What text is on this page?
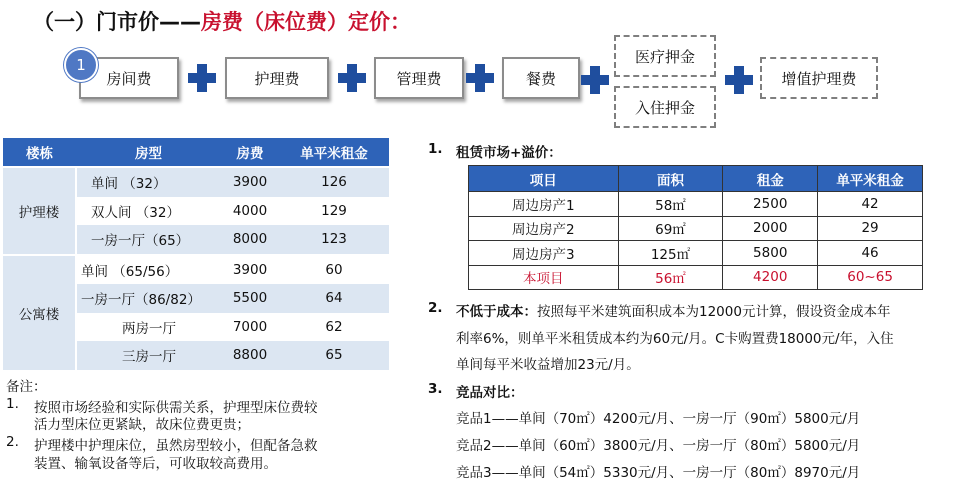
（一）门市价——房费（床位费）定价：
房间费
1
护理费	管理费	餐费
医疗押金
入住押金
增值护理费
楼栋	房型	房费	单平米租金
护理楼	单间 （32）	3900	126
	双人间 （32）	4000	129
	一房一厅（65）	8000	123
公寓楼	单间 （65/56）	3900	60
	一房一厅（86/82）	5500	64
	两房一厅	7000	62
	三房一厅	8800	65
备注：
1. 按照市场经验和实际供需关系，护理型床位费较
活力型床位更紧缺，故床位费更贵；
2. 护理楼中护理床位，虽然房型较小，但配备急救
装置、输氧设备等后，可收取较高费用。
1. 租赁市场+溢价：
项目	面积	租金	单平米租金
周边房产1	58㎡	2500	42
周边房产2	69㎡	2000	29
周边房产3	125㎡	5800	46
本项目	56㎡	4200	60~65
2. 不低于成本：按照每平米建筑面积成本为12000元计算，假设资金成本年
利率6%，则单平米租赁成本约为60元/月。C卡购置费18000元/年，入住
单间每平米收益增加23元/月。
3. 竞品对比：
竞品1——单间（70㎡）4200元/月、一房一厅（90㎡）5800元/月
竞品2——单间（60㎡）3800元/月、一房一厅（80㎡）5800元/月
竞品3——单间（54㎡）5330元/月、一房一厅（80㎡）8970元/月
